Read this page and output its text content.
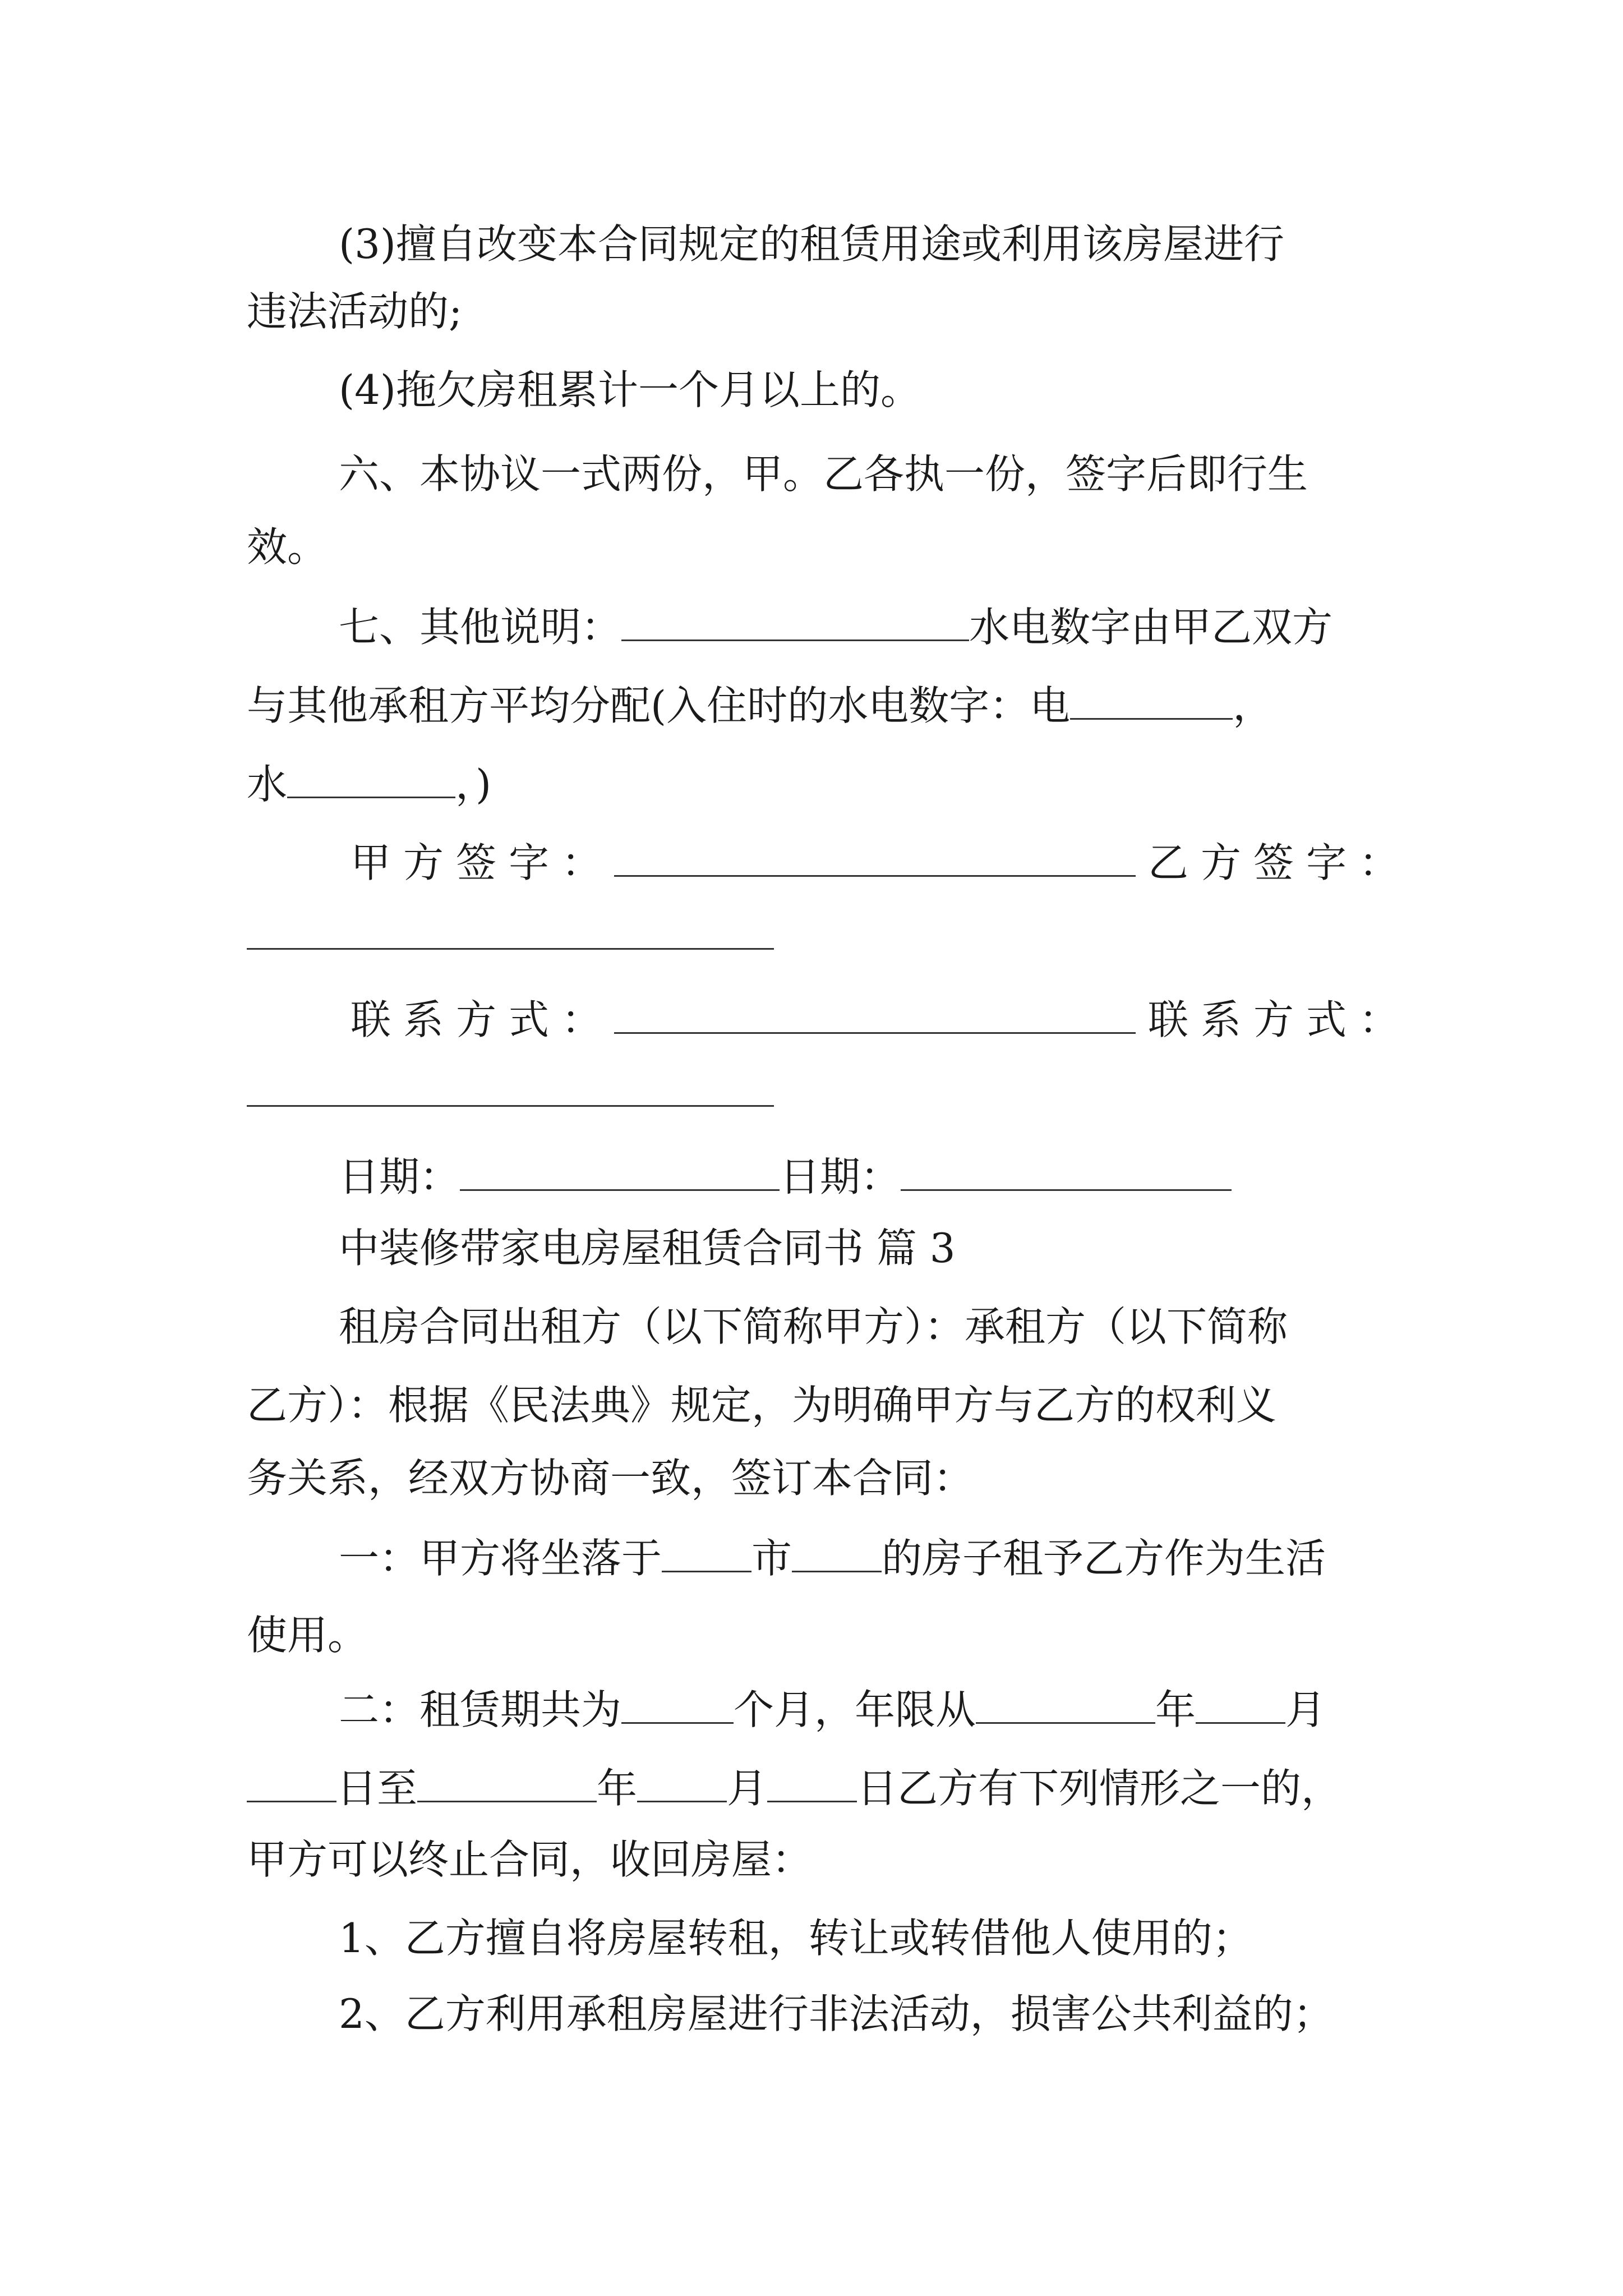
(3)擅自改变本合同规定的租赁用途或利用该房屋进行
违法活动的;
(4)拖欠房租累计一个月以上的。
六、本协议一式两份，甲。乙各执一份，签字后即行生
效。
七、其他说明：	水电数字由甲乙双方
与其他承租方平均分配(入住时的水电数字：电	，
水	，)
甲方签字：	乙方签字：
联系方式：	联系方式：
日期：	日期：
中装修带家电房屋租赁合同书 篇 3
租房合同出租方（以下简称甲方）：承租方（以下简称
乙方）：根据《民法典》规定，为明确甲方与乙方的权利义
务关系，经双方协商一致，签订本合同：
一：甲方将坐落于 市 的房子租予乙方作为生活
使用。
二：租赁期共为	个月，年限从	年 月
日至	年 月 日乙方有下列情形之一的，
甲方可以终止合同，收回房屋：
1、乙方擅自将房屋转租，转让或转借他人使用的；
2、乙方利用承租房屋进行非法活动，损害公共利益的；
